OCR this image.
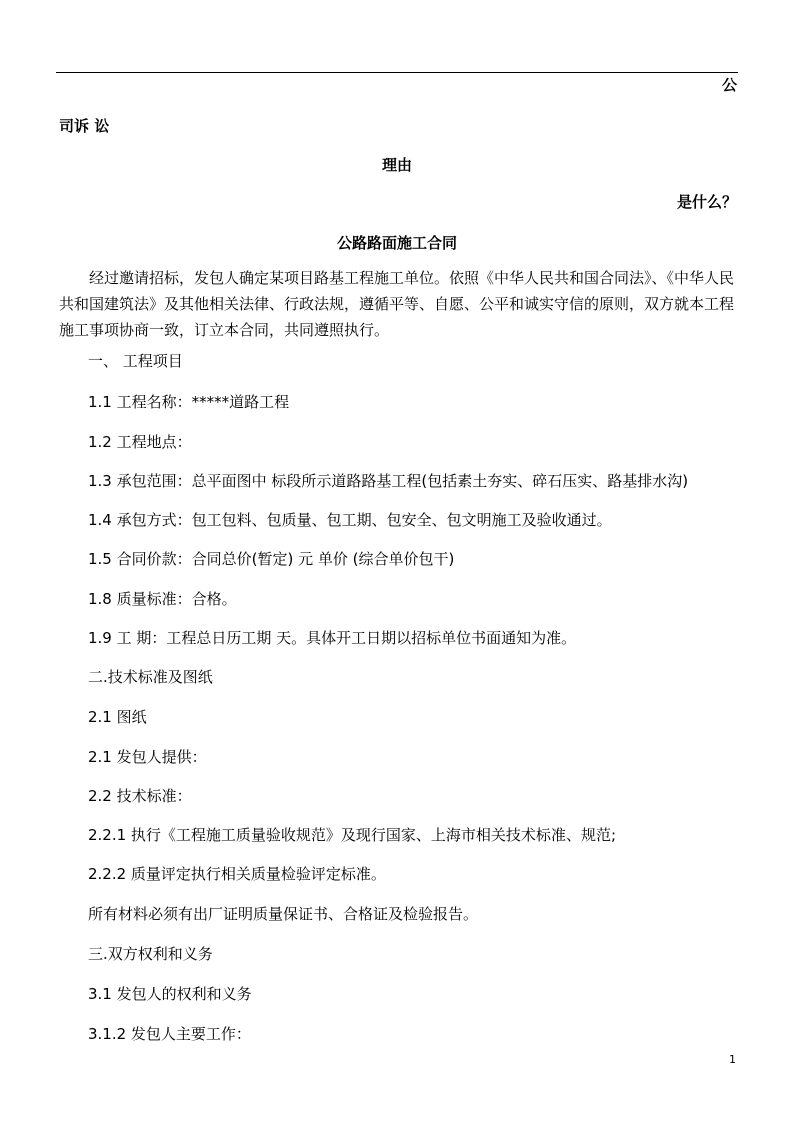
公
司诉 讼
理由
是什么？
公路路面施工合同
经过邀请招标，发包人确定某项目路基工程施工单位。依照《中华人民共和国合同法》、《中华人民共和国建筑法》及其他相关法律、行政法规，遵循平等、自愿、公平和诚实守信的原则，双方就本工程施工事项协商一致，订立本合同，共同遵照执行。
一、 工程项目
1.1 工程名称：*****道路工程
1.2 工程地点：
1.3 承包范围：总平面图中 标段所示道路路基工程(包括素土夯实、碎石压实、路基排水沟)
1.4 承包方式：包工包料、包质量、包工期、包安全、包文明施工及验收通过。
1.5 合同价款：合同总价(暂定) 元 单价 (综合单价包干)
1.8 质量标准：合格。
1.9 工 期：工程总日历工期 天。具体开工日期以招标单位书面通知为准。
二.技术标准及图纸
2.1 图纸
2.1 发包人提供：
2.2 技术标准：
2.2.1 执行《工程施工质量验收规范》及现行国家、上海市相关技术标准、规范;
2.2.2 质量评定执行相关质量检验评定标准。
所有材料必须有出厂证明质量保证书、合格证及检验报告。
三.双方权利和义务
3.1 发包人的权利和义务
3.1.2 发包人主要工作：
1
